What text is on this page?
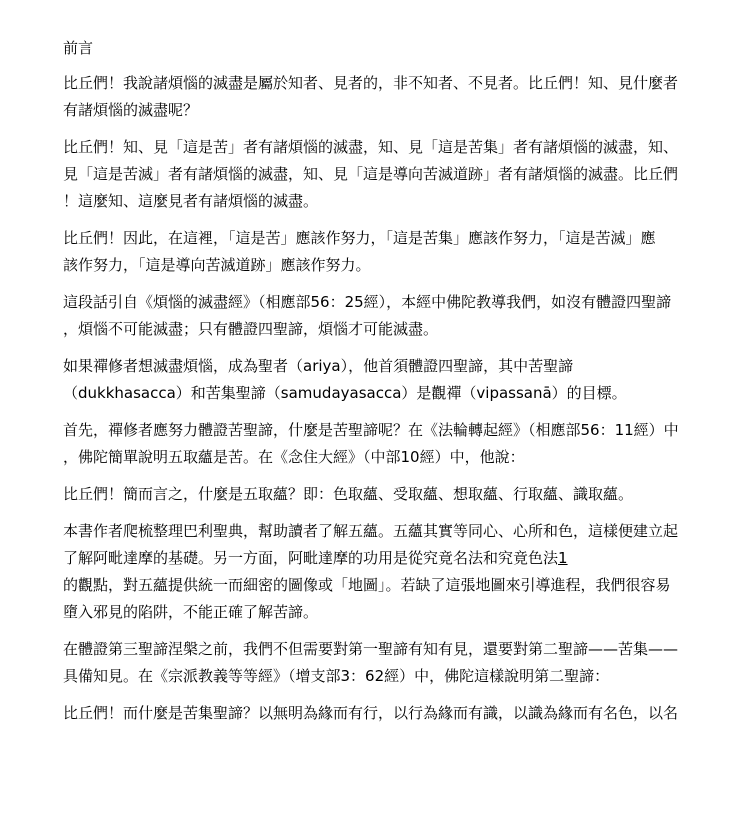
前言
比丘們！我說諸煩惱的滅盡是屬於知者、見者的，非不知者、不見者。比丘們！知、見什麼者
有諸煩惱的滅盡呢？
比丘們！知、見「這是苦」者有諸煩惱的滅盡，知、見「這是苦集」者有諸煩惱的滅盡，知、
見「這是苦滅」者有諸煩惱的滅盡，知、見「這是導向苦滅道跡」者有諸煩惱的滅盡。比丘們
！這麼知、這麼見者有諸煩惱的滅盡。
比丘們！因此，在這裡，「這是苦」應該作努力，「這是苦集」應該作努力，「這是苦滅」應
該作努力，「這是導向苦滅道跡」應該作努力。
這段話引自《煩惱的滅盡經》（相應部56：25經），本經中佛陀教導我們，如沒有體證四聖諦
，煩惱不可能滅盡；只有體證四聖諦，煩惱才可能滅盡。
如果禪修者想滅盡煩惱，成為聖者（ariya），他首須體證四聖諦，其中苦聖諦
（dukkhasacca）和苦集聖諦（samudayasacca）是觀禪（vipassanā）的目標。
首先，禪修者應努力體證苦聖諦，什麼是苦聖諦呢？在《法輪轉起經》（相應部56：11經）中
，佛陀簡單說明五取蘊是苦。在《念住大經》（中部10經）中，他說：
比丘們！簡而言之，什麼是五取蘊？即：色取蘊、受取蘊、想取蘊、行取蘊、識取蘊。
本書作者爬梳整理巴利聖典，幫助讀者了解五蘊。五蘊其實等同心、心所和色，這樣便建立起
了解阿毗達摩的基礎。另一方面，阿毗達摩的功用是從究竟名法和究竟色法1
的觀點，對五蘊提供統一而細密的圖像或「地圖」。若缺了這張地圖來引導進程，我們很容易
墮入邪見的陷阱，不能正確了解苦諦。
在體證第三聖諦涅槃之前，我們不但需要對第一聖諦有知有見，還要對第二聖諦——苦集——
具備知見。在《宗派教義等等經》（增支部3：62經）中，佛陀這樣說明第二聖諦：
比丘們！而什麼是苦集聖諦？以無明為緣而有行，以行為緣而有識，以識為緣而有名色，以名
